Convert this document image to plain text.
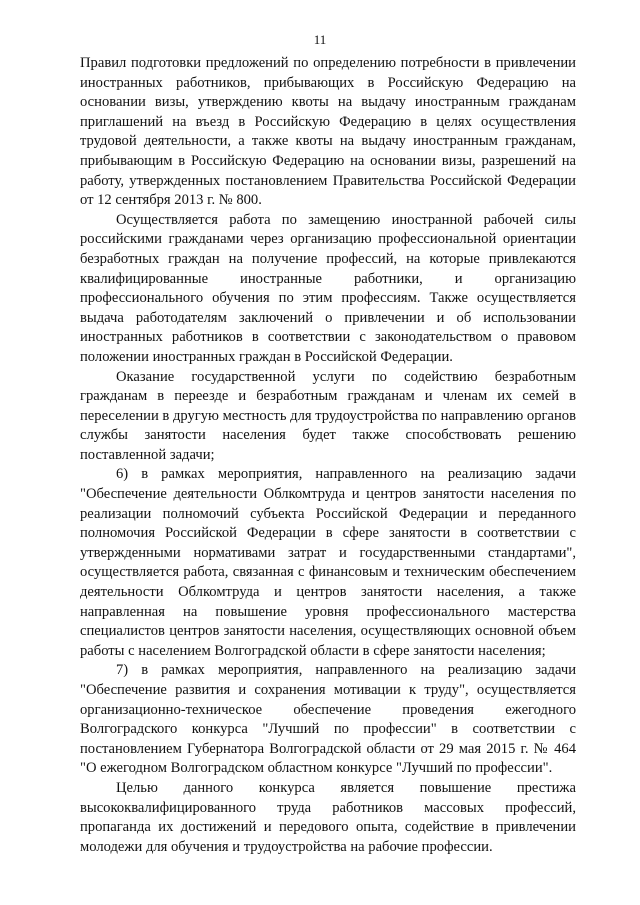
11

Правил подготовки предложений по определению потребности в привлечении иностранных работников, прибывающих в Российскую Федерацию на основании визы, утверждению квоты на выдачу иностранным гражданам приглашений на въезд в Российскую Федерацию в целях осуществления трудовой деятельности, а также квоты на выдачу иностранным гражданам, прибывающим в Российскую Федерацию на основании визы, разрешений на работу, утвержденных постановлением Правительства Российской Федерации от 12 сентября 2013 г. № 800.

Осуществляется работа по замещению иностранной рабочей силы российскими гражданами через организацию профессиональной ориентации безработных граждан на получение профессий, на которые привлекаются квалифицированные иностранные работники, и организацию профессионального обучения по этим профессиям. Также осуществляется выдача работодателям заключений о привлечении и об использовании иностранных работников в соответствии с законодательством о правовом положении иностранных граждан в Российской Федерации.

Оказание государственной услуги по содействию безработным гражданам в переезде и безработным гражданам и членам их семей в переселении в другую местность для трудоустройства по направлению органов службы занятости населения будет также способствовать решению поставленной задачи;

6) в рамках мероприятия, направленного на реализацию задачи "Обеспечение деятельности Облкомтруда и центров занятости населения по реализации полномочий субъекта Российской Федерации и переданного полномочия Российской Федерации в сфере занятости в соответствии с утвержденными нормативами затрат и государственными стандартами", осуществляется работа, связанная с финансовым и техническим обеспечением деятельности Облкомтруда и центров занятости населения, а также направленная на повышение уровня профессионального мастерства специалистов центров занятости населения, осуществляющих основной объем работы с населением Волгоградской области в сфере занятости населения;

7) в рамках мероприятия, направленного на реализацию задачи "Обеспечение развития и сохранения мотивации к труду", осуществляется организационно-техническое обеспечение проведения ежегодного Волгоградского конкурса "Лучший по профессии" в соответствии с постановлением Губернатора Волгоградской области от 29 мая 2015 г. № 464 "О ежегодном Волгоградском областном конкурсе "Лучший по профессии".

Целью данного конкурса является повышение престижа высококвалифицированного труда работников массовых профессий, пропаганда их достижений и передового опыта, содействие в привлечении молодежи для обучения и трудоустройства на рабочие профессии.
